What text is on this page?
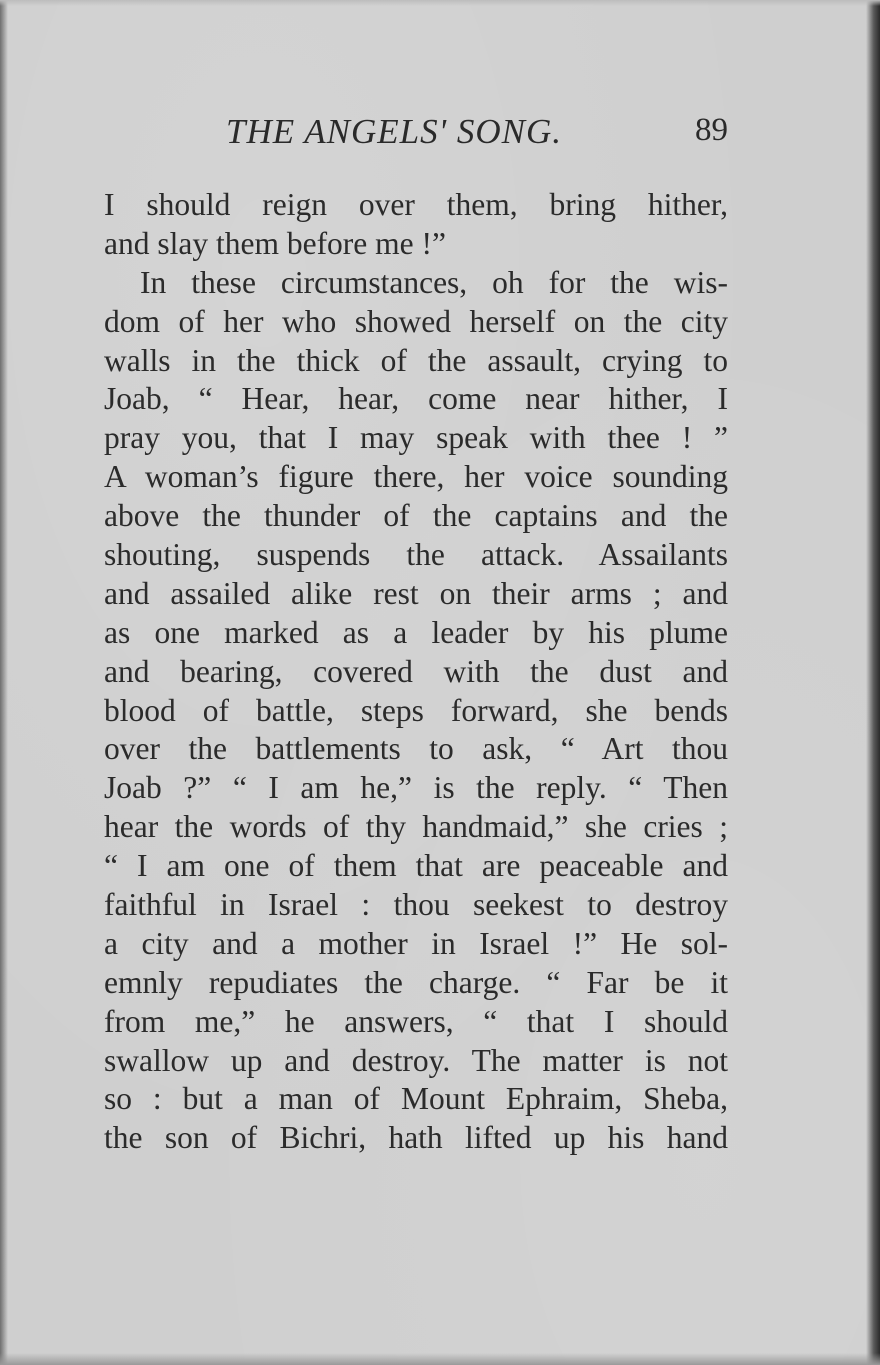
THE ANGELS' SONG.	89
I should reign over them, bring hither,
and slay them before me !”
In these circumstances, oh for the wis-
dom of her who showed herself on the city
walls in the thick of the assault, crying to
Joab, “ Hear, hear, come near hither, I
pray you, that I may speak with thee ! ”
A woman’s figure there, her voice sounding
above the thunder of the captains and the
shouting, suspends the attack. Assailants
and assailed alike rest on their arms ; and
as one marked as a leader by his plume
and bearing, covered with the dust and
blood of battle, steps forward, she bends
over the battlements to ask, “ Art thou
Joab ?” “ I am he,” is the reply. “ Then
hear the words of thy handmaid,” she cries ;
“ I am one of them that are peaceable and
faithful in Israel : thou seekest to destroy
a city and a mother in Israel !” He sol-
emnly repudiates the charge. “ Far be it
from me,” he answers, “ that I should
swallow up and destroy. The matter is not
so : but a man of Mount Ephraim, Sheba,
the son of Bichri, hath lifted up his hand
